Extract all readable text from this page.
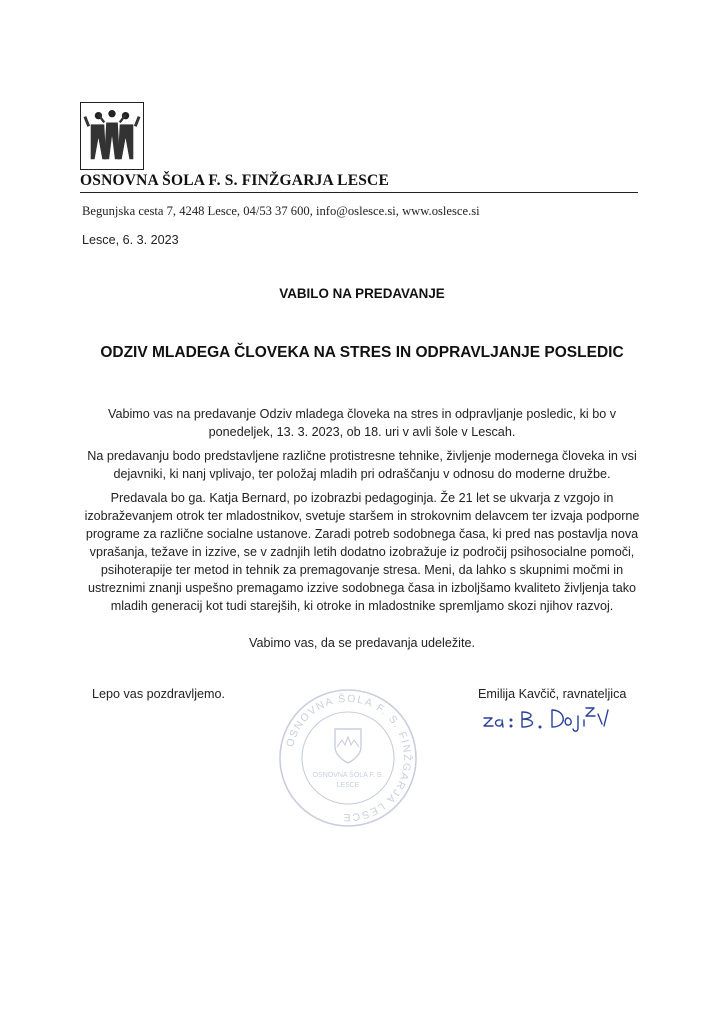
OSNOVNA ŠOLA F. S. FINŽGARJA LESCE
Begunjska cesta 7, 4248 Lesce, 04/53 37 600, info@oslesce.si, www.oslesce.si
Lesce, 6. 3. 2023
VABILO NA PREDAVANJE
ODZIV MLADEGA ČLOVEKA NA STRES IN ODPRAVLJANJE POSLEDIC

Vabimo vas na predavanje Odziv mladega človeka na stres in odpravljanje posledic, ki bo v
ponedeljek, 13. 3. 2023, ob 18. uri v avli šole v Lescah.

Na predavanju bodo predstavljene različne protistresne tehnike, življenje modernega človeka in vsi
dejavniki, ki nanj vplivajo, ter položaj mladih pri odraščanju v odnosu do moderne družbe.

Predavala bo ga. Katja Bernard, po izobrazbi pedagoginja. Že 21 let se ukvarja z vzgojo in
izobraževanjem otrok ter mladostnikov, svetuje staršem in strokovnim delavcem ter izvaja podporne
programe za različne socialne ustanove. Zaradi potreb sodobnega časa, ki pred nas postavlja nova
vprašanja, težave in izzive, se v zadnjih letih dodatno izobražuje iz področij psihosocialne pomoči,
psihoterapije ter metod in tehnik za premagovanje stresa. Meni, da lahko s skupnimi močmi in
ustreznimi znanji uspešno premagamo izzive sodobnega časa in izboljšamo kvaliteto življenja tako
mladih generacij kot tudi starejših, ki otroke in mladostnike spremljamo skozi njihov razvoj.

Vabimo vas, da se predavanja udeležite.

Lepo vas pozdravljemo.	Emilija Kavčič, ravnateljica
OSNOVNA ŠOLA F. S. FINŽGARJA LESCE
OSNOVNA ŠOLA F. S.
LESCE
